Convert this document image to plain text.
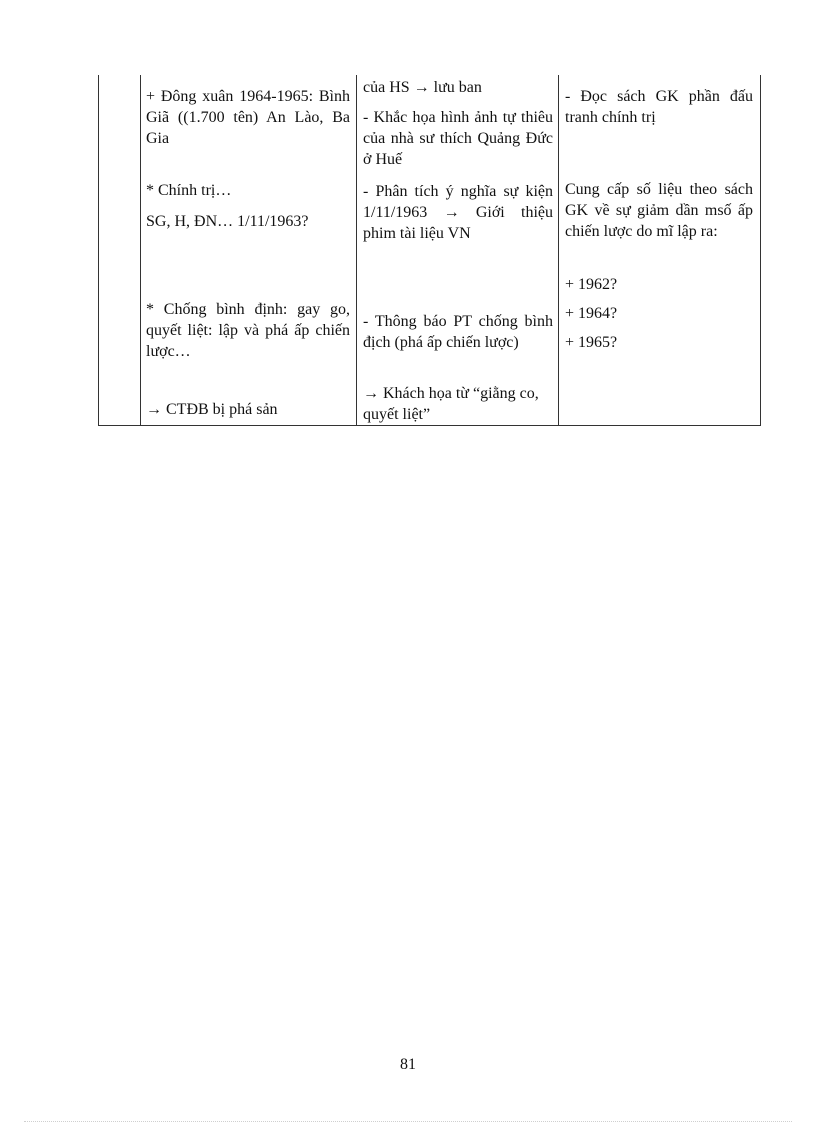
+ Đông xuân 1964-1965: Bình Giã ((1.700 tên) An Lào, Ba Gia

* Chính trị…

SG, H, ĐN… 1/11/1963?

* Chống bình định: gay go, quyết liệt: lập và phá ấp chiến lược…

→ CTĐB bị phá sản

của HS → lưu ban

- Khắc họa hình ảnh tự thiêu của nhà sư thích Quảng Đức ở Huế

- Phân tích ý nghĩa sự kiện 1/11/1963 → Giới thiệu phim tài liệu VN

- Thông báo PT chống bình địch (phá ấp chiến lược)

→ Khách họa từ “giằng co, quyết liệt”

- Đọc sách GK phần đấu tranh chính trị

Cung cấp số liệu theo sách GK về sự giảm dần msố ấp chiến lược do mĩ lập ra:

+ 1962?

+ 1964?

+ 1965?

81
